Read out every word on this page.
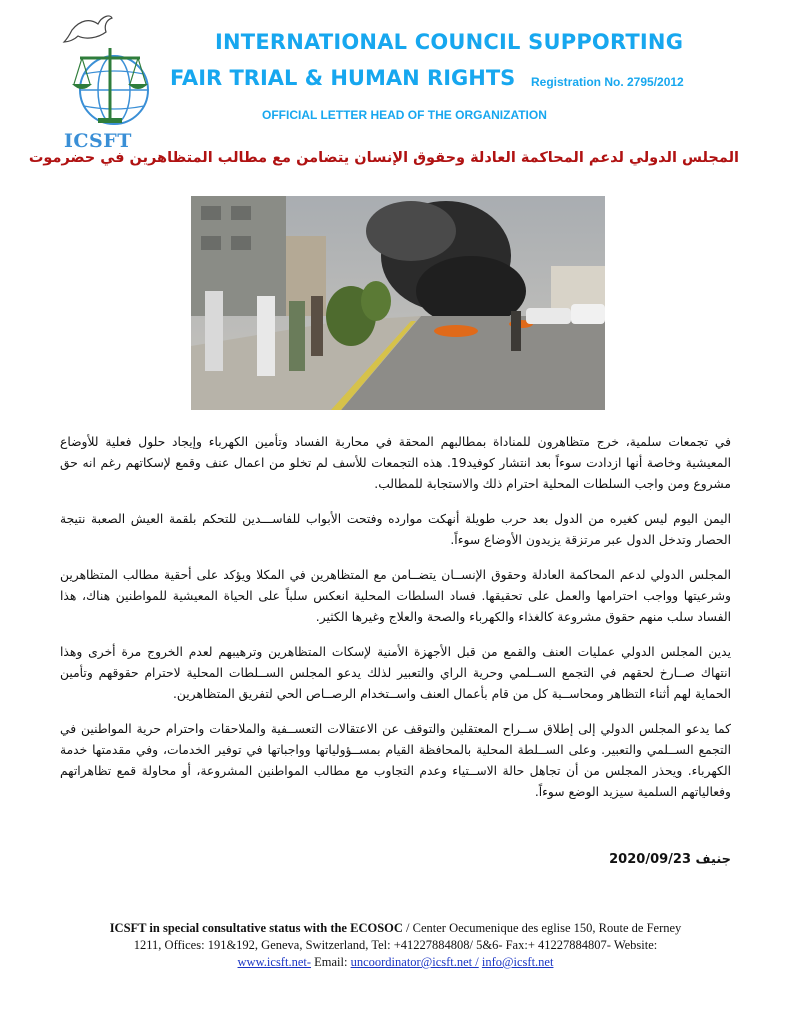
ICSFT
INTERNATIONAL COUNCIL SUPPORTING
FAIR TRIAL & HUMAN RIGHTS Registration No. 2795/2012
OFFICIAL LETTER HEAD OF THE ORGANIZATION
المجلس الدولي لدعم المحاكمة العادلة وحقوق الإنسان يتضامن مع مطالب المتظاهرين في حضرموت

في تجمعات سلمية، خرج متظاهرون للمناداة بمطالبهم المحقة في محاربة الفساد وتأمين الكهرباء وإيجاد حلول فعلية للأوضاع المعيشية وخاصة أنها ازدادت سوءاً بعد انتشار كوفيد19. هذه التجمعات للأسف لم تخلو من اعمال عنف وقمع لإسكاتهم رغم انه حق مشروع ومن واجب السلطات المحلية احترام ذلك والاستجابة للمطالب.

اليمن اليوم ليس كغيره من الدول بعد حرب طويلة أنهكت موارده وفتحت الأبواب للفاســـدين للتحكم بلقمة العيش الصعبة نتيجة الحصار وتدخل الدول عبر مرتزقة يزيدون الأوضاع سوءاً.

المجلس الدولي لدعم المحاكمة العادلة وحقوق الإنســان يتضــامن مع المتظاهرين في المكلا ويؤكد على أحقية مطالب المتظاهرين وشرعيتها وواجب احترامها والعمل على تحقيقها. فساد السلطات المحلية انعكس سلباً على الحياة المعيشية للمواطنين هناك، هذا الفساد سلب منهم حقوق مشروعة كالغذاء والكهرباء والصحة والعلاج وغيرها الكثير.

يدين المجلس الدولي عمليات العنف والقمع من قبل الأجهزة الأمنية لإسكات المتظاهرين وترهيبهم لعدم الخروج مرة أخرى وهذا انتهاك صــارخ لحقهم في التجمع الســلمي وحرية الراي والتعبير لذلك يدعو المجلس الســلطات المحلية لاحترام حقوقهم وتأمين الحماية لهم أثناء التظاهر ومحاســبة كل من قام بأعمال العنف واســتخدام الرصــاص الحي لتفريق المتظاهرين.

كما يدعو المجلس الدولي إلى إطلاق ســراح المعتقلين والتوقف عن الاعتقالات التعســفية والملاحقات واحترام حرية المواطنين في التجمع الســلمي والتعبير. وعلى الســلطة المحلية بالمحافظة القيام بمســؤولياتها وواجباتها في توفير الخدمات، وفي مقدمتها خدمة الكهرباء. ويحذر المجلس من أن تجاهل حالة الاســتياء وعدم التجاوب مع مطالب المواطنين المشروعة، أو محاولة قمع تظاهراتهم وفعالياتهم السلمية سيزيد الوضع سوءاً.

جنيف 2020/09/23
ICSFT in special consultative status with the ECOSOC / Center Oecumenique des eglise 150, Route de Ferney
1211, Offices: 191&192, Geneva, Switzerland, Tel: +41227884808/ 5&6- Fax:+ 41227884807- Website:
www.icsft.net- Email: uncoordinator@icsft.net / info@icsft.net
